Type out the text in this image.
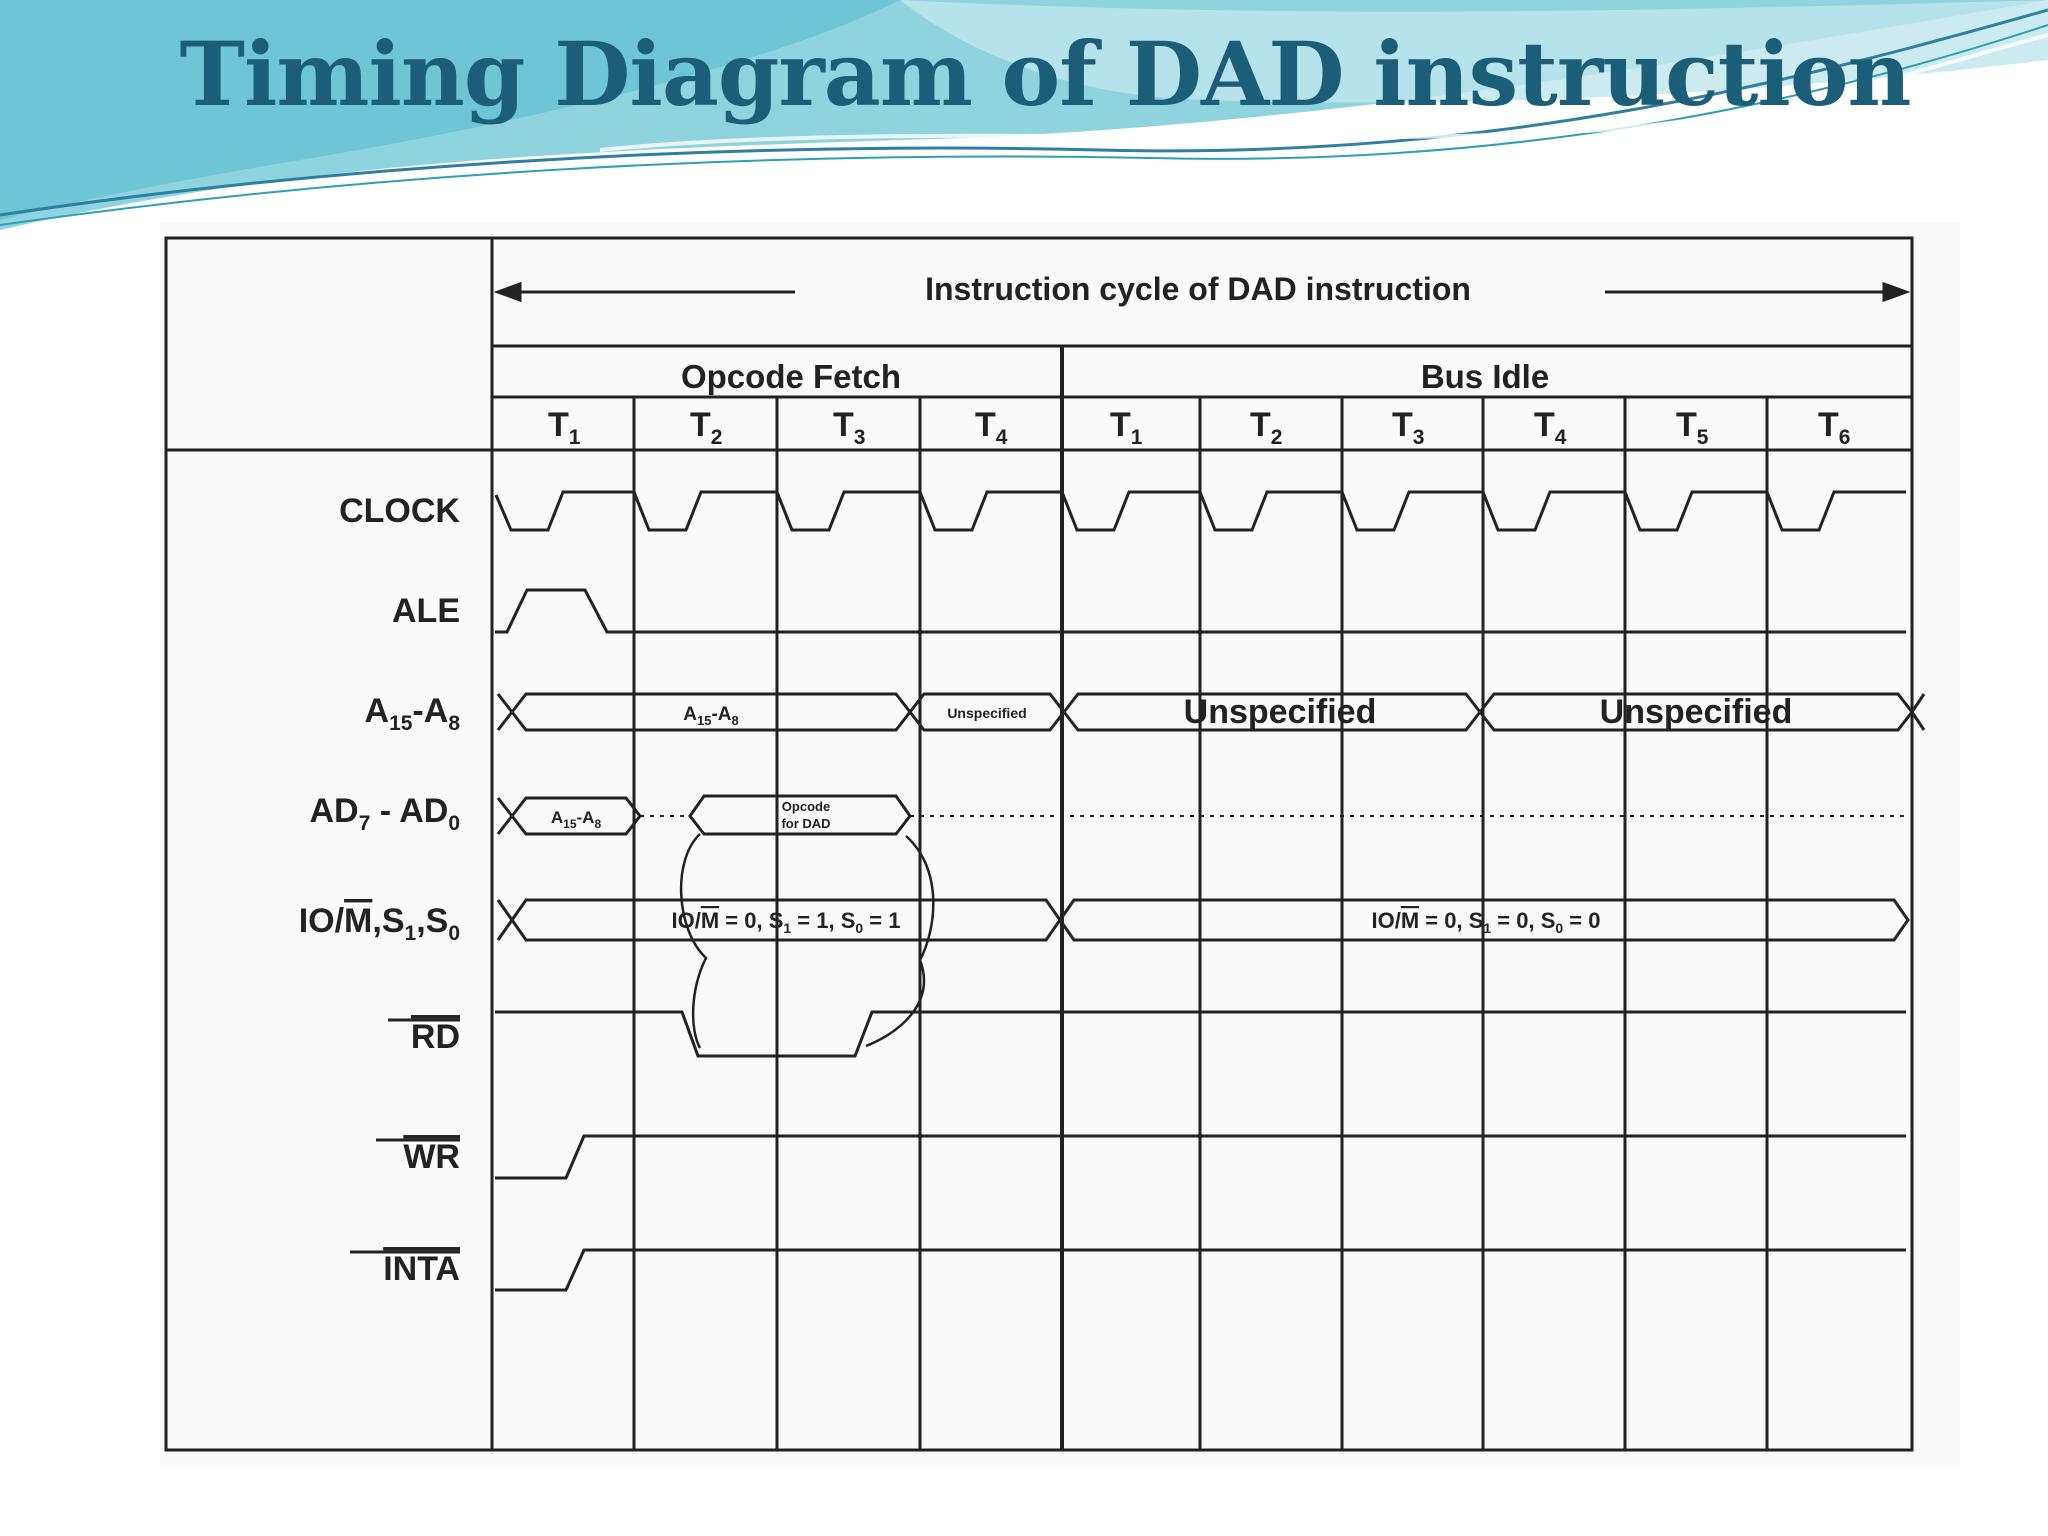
Timing Diagram of DAD instruction
Instruction cycle of DAD instruction
Opcode Fetch	Bus Idle
$T_1$	$T_2$	$T_3$	$T_4$	$T_1$	$T_2$	$T_3$	$T_4$	$T_5$	$T_6$
CLOCK
ALE
$A_{15}-A_8$
$AD_7 - AD_0$
$IO/M,S_1,S_0$
RD
WR
INTA
$A_{15}-A_8$	Unspecified	Unspecified	Unspecified
$A_{15}-A_8$
Opcode
for DAD
IO/M = 0, $S_1 = 1$, $S_0 = 1$	IO/M = 0, $S_1 = 0$, $S_0 = 0$
